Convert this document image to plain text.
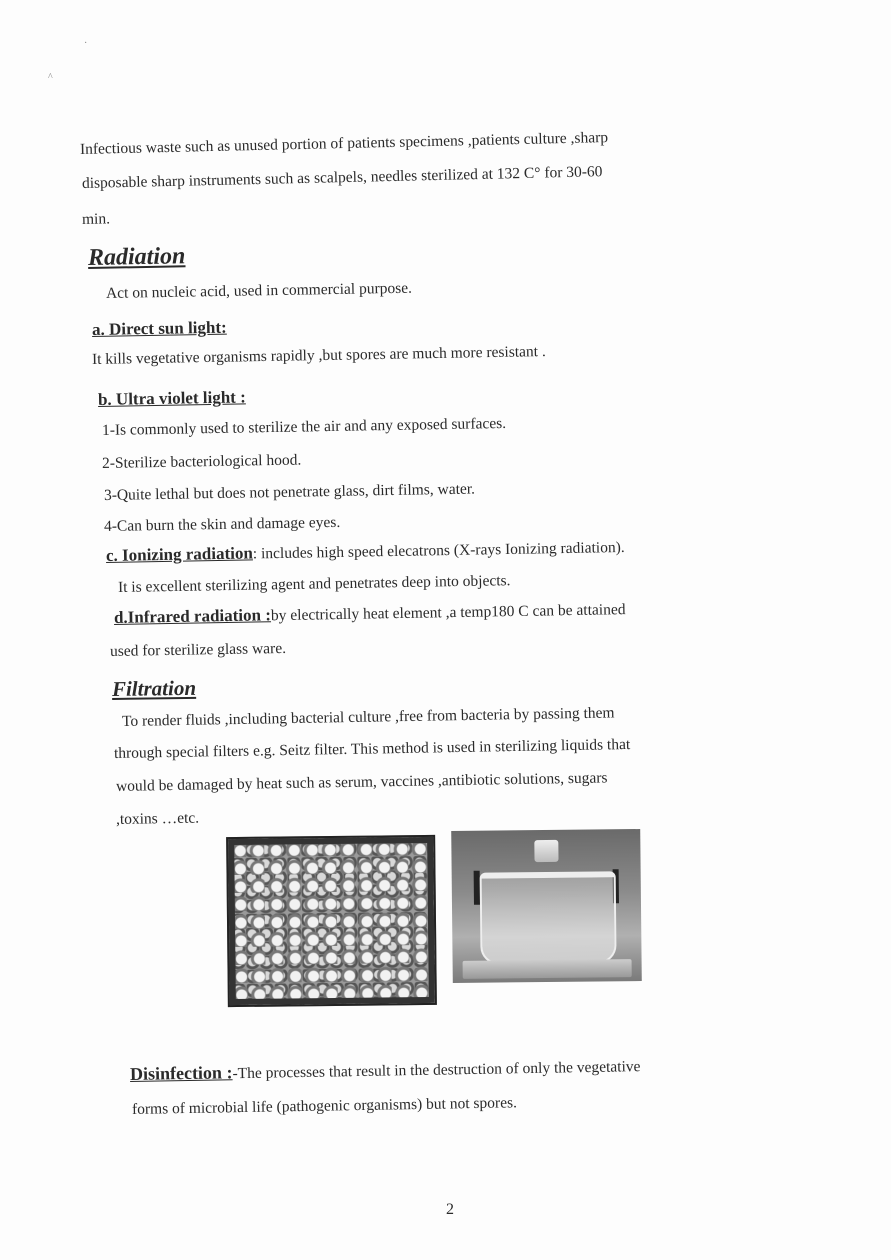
·
^
Infectious waste such as unused portion of patients specimens ,patients culture ,sharp
disposable sharp instruments such as scalpels, needles sterilized at 132 C° for 30-60
min.
Radiation
Act on nucleic acid, used in commercial purpose.
a. Direct sun light:
It kills vegetative organisms rapidly ,but spores are much more resistant .
b. Ultra violet light :
1-Is commonly used to sterilize the air and any exposed surfaces.
2-Sterilize bacteriological hood.
3-Quite lethal but does not penetrate glass, dirt films, water.
4-Can burn the skin and damage eyes.
c. Ionizing radiation: includes high speed elecatrons (X-rays Ionizing radiation).
It is excellent sterilizing agent and penetrates deep into objects.
d.Infrared radiation :by electrically heat element ,a temp180 C can be attained
used for sterilize glass ware.
Filtration
To render fluids ,including bacterial culture ,free from bacteria by passing them
through special filters e.g. Seitz filter. This method is used in sterilizing liquids that
would be damaged by heat such as serum, vaccines ,antibiotic solutions, sugars
,toxins …etc.
Disinfection :-The processes that result in the destruction of only the vegetative
forms of microbial life (pathogenic organisms) but not spores.
2
